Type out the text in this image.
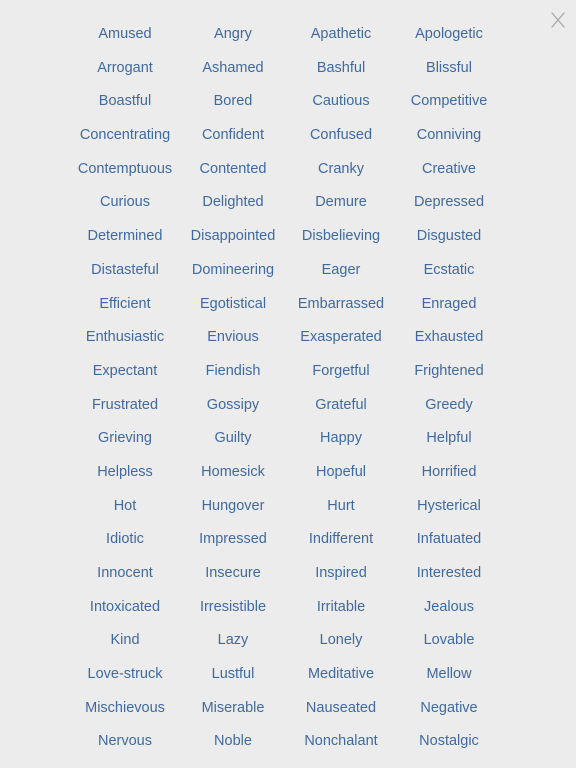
Amused	Angry	Apathetic	Apologetic
Arrogant	Ashamed	Bashful	Blissful
Boastful	Bored	Cautious	Competitive
Concentrating	Confident	Confused	Conniving
Contemptuous	Contented	Cranky	Creative
Curious	Delighted	Demure	Depressed
Determined	Disappointed	Disbelieving	Disgusted
Distasteful	Domineering	Eager	Ecstatic
Efficient	Egotistical	Embarrassed	Enraged
Enthusiastic	Envious	Exasperated	Exhausted
Expectant	Fiendish	Forgetful	Frightened
Frustrated	Gossipy	Grateful	Greedy
Grieving	Guilty	Happy	Helpful
Helpless	Homesick	Hopeful	Horrified
Hot	Hungover	Hurt	Hysterical
Idiotic	Impressed	Indifferent	Infatuated
Innocent	Insecure	Inspired	Interested
Intoxicated	Irresistible	Irritable	Jealous
Kind	Lazy	Lonely	Lovable
Love-struck	Lustful	Meditative	Mellow
Mischievous	Miserable	Nauseated	Negative
Nervous	Noble	Nonchalant	Nostalgic
